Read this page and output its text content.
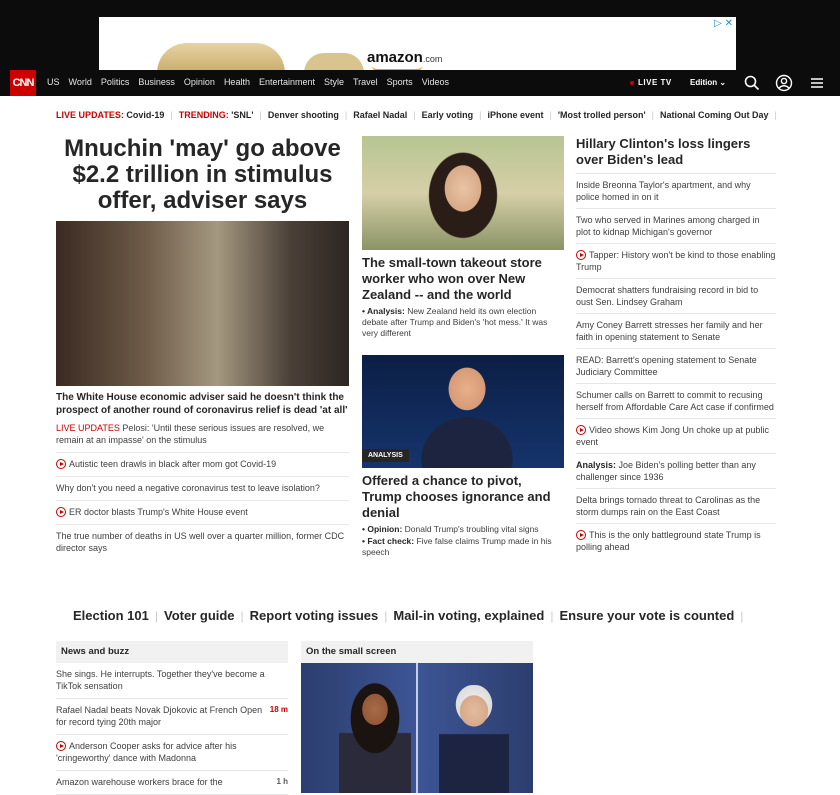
amazon.com
▷ ✕
CNN US World Politics Business Opinion Health Entertainment Style Travel Sports Videos	LIVE TV Edition ⌄
LIVE UPDATES:
Covid-19 | TRENDING:
'SNL' | Denver shooting | Rafael Nadal | Early voting | iPhone event | 'Most trolled person' | National Coming Out Day |
Mnuchin 'may' go above $2.2 trillion in stimulus offer, adviser says
The White House economic adviser said he doesn't think the prospect of another round of coronavirus relief is dead 'at all'
LIVE UPDATES Pelosi: 'Until these serious issues are resolved, we remain at an impasse' on the stimulus
Autistic teen drawls in black after mom got Covid-19
Why don't you need a negative coronavirus test to leave isolation?
ER doctor blasts Trump's White House event
The true number of deaths in US well over a quarter million, former CDC director says
The small-town takeout store worker who won over New Zealand -- and the world
• Analysis: New Zealand held its own election debate after Trump and Biden's 'hot mess.' It was very different
ANALYSIS
Offered a chance to pivot, Trump chooses ignorance and denial
• Opinion: Donald Trump's troubling vital signs
• Fact check: Five false claims Trump made in his speech
Hillary Clinton's loss lingers over Biden's lead
Inside Breonna Taylor's apartment, and why police homed in on it
Two who served in Marines among charged in plot to kidnap Michigan's governor
Tapper: History won't be kind to those enabling Trump
Democrat shatters fundraising record in bid to oust Sen. Lindsey Graham
Amy Coney Barrett stresses her family and her faith in opening statement to Senate
READ: Barrett's opening statement to Senate Judiciary Committee
Schumer calls on Barrett to commit to recusing herself from Affordable Care Act case if confirmed
Video shows Kim Jong Un choke up at public event
Analysis: Joe Biden's polling better than any challenger since 1936
Delta brings tornado threat to Carolinas as the storm dumps rain on the East Coast
This is the only battleground state Trump is polling ahead
Election 101 | Voter guide | Report voting issues | Mail-in voting, explained | Ensure your vote is counted |
News and buzz
She sings. He interrupts. Together they've become a TikTok sensation
18 m
Rafael Nadal beats Novak Djokovic at French Open for record tying 20th major
Anderson Cooper asks for advice after his 'cringeworthy' dance with Madonna
1 h
Amazon warehouse workers brace for the
On the small screen
